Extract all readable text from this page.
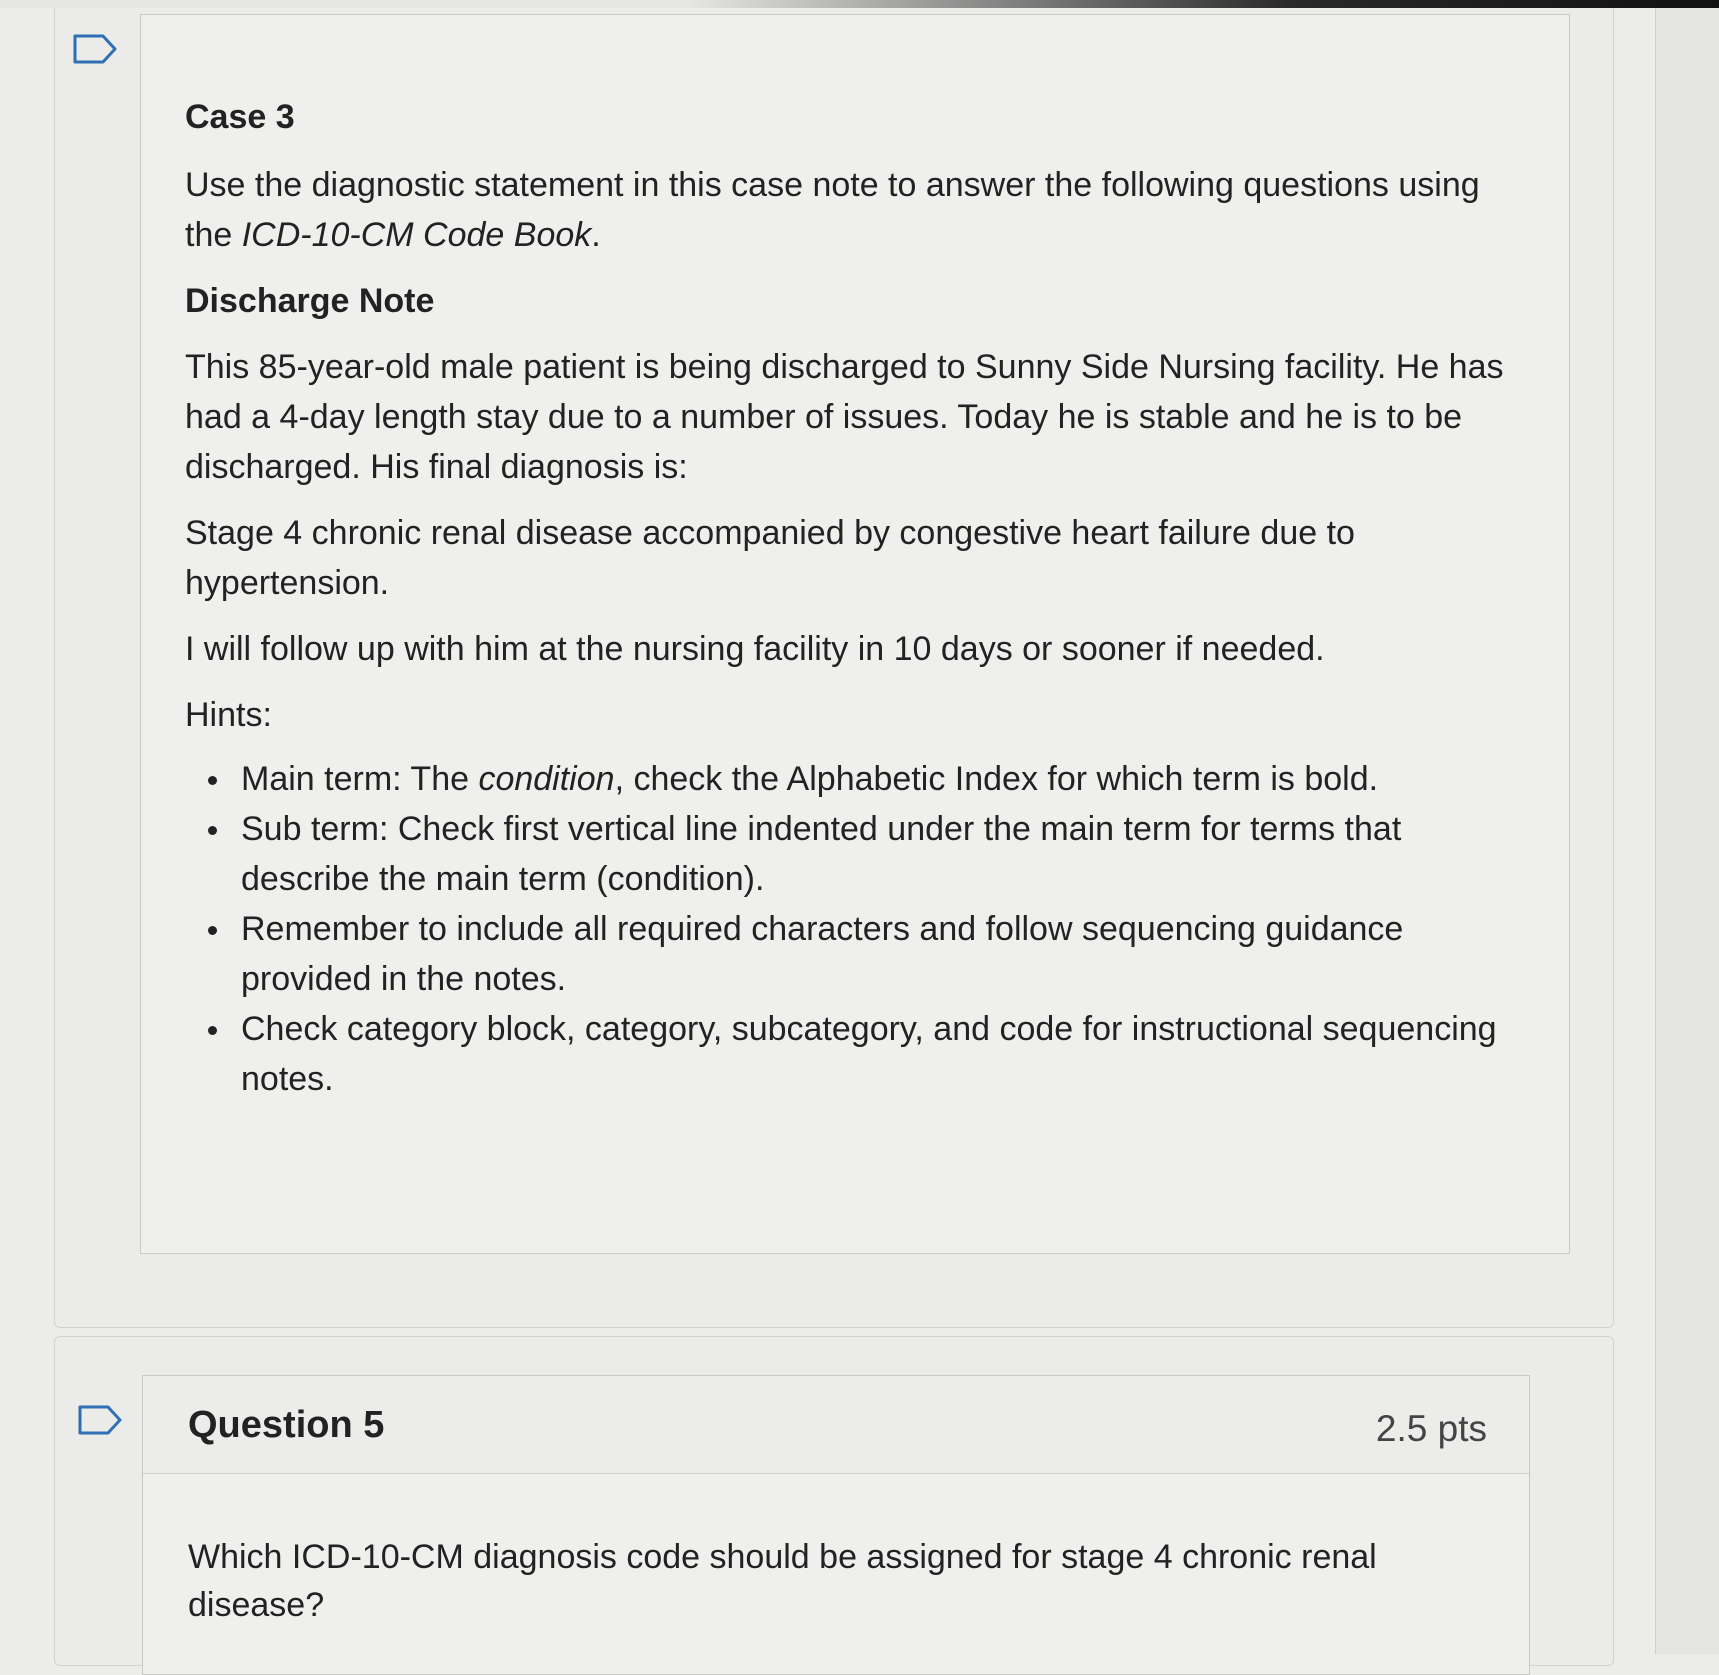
Case 3

Use the diagnostic statement in this case note to answer the following questions using the ICD-10-CM Code Book.

Discharge Note

This 85-year-old male patient is being discharged to Sunny Side Nursing facility. He has had a 4-day length stay due to a number of issues. Today he is stable and he is to be discharged. His final diagnosis is:

Stage 4 chronic renal disease accompanied by congestive heart failure due to hypertension.

I will follow up with him at the nursing facility in 10 days or sooner if needed.

Hints:

Main term: The condition, check the Alphabetic Index for which term is bold.
Sub term: Check first vertical line indented under the main term for terms that describe the main term (condition).
Remember to include all required characters and follow sequencing guidance provided in the notes.
Check category block, category, subcategory, and code for instructional sequencing notes.
Question 5	2.5 pts
Which ICD-10-CM diagnosis code should be assigned for stage 4 chronic renal disease?
